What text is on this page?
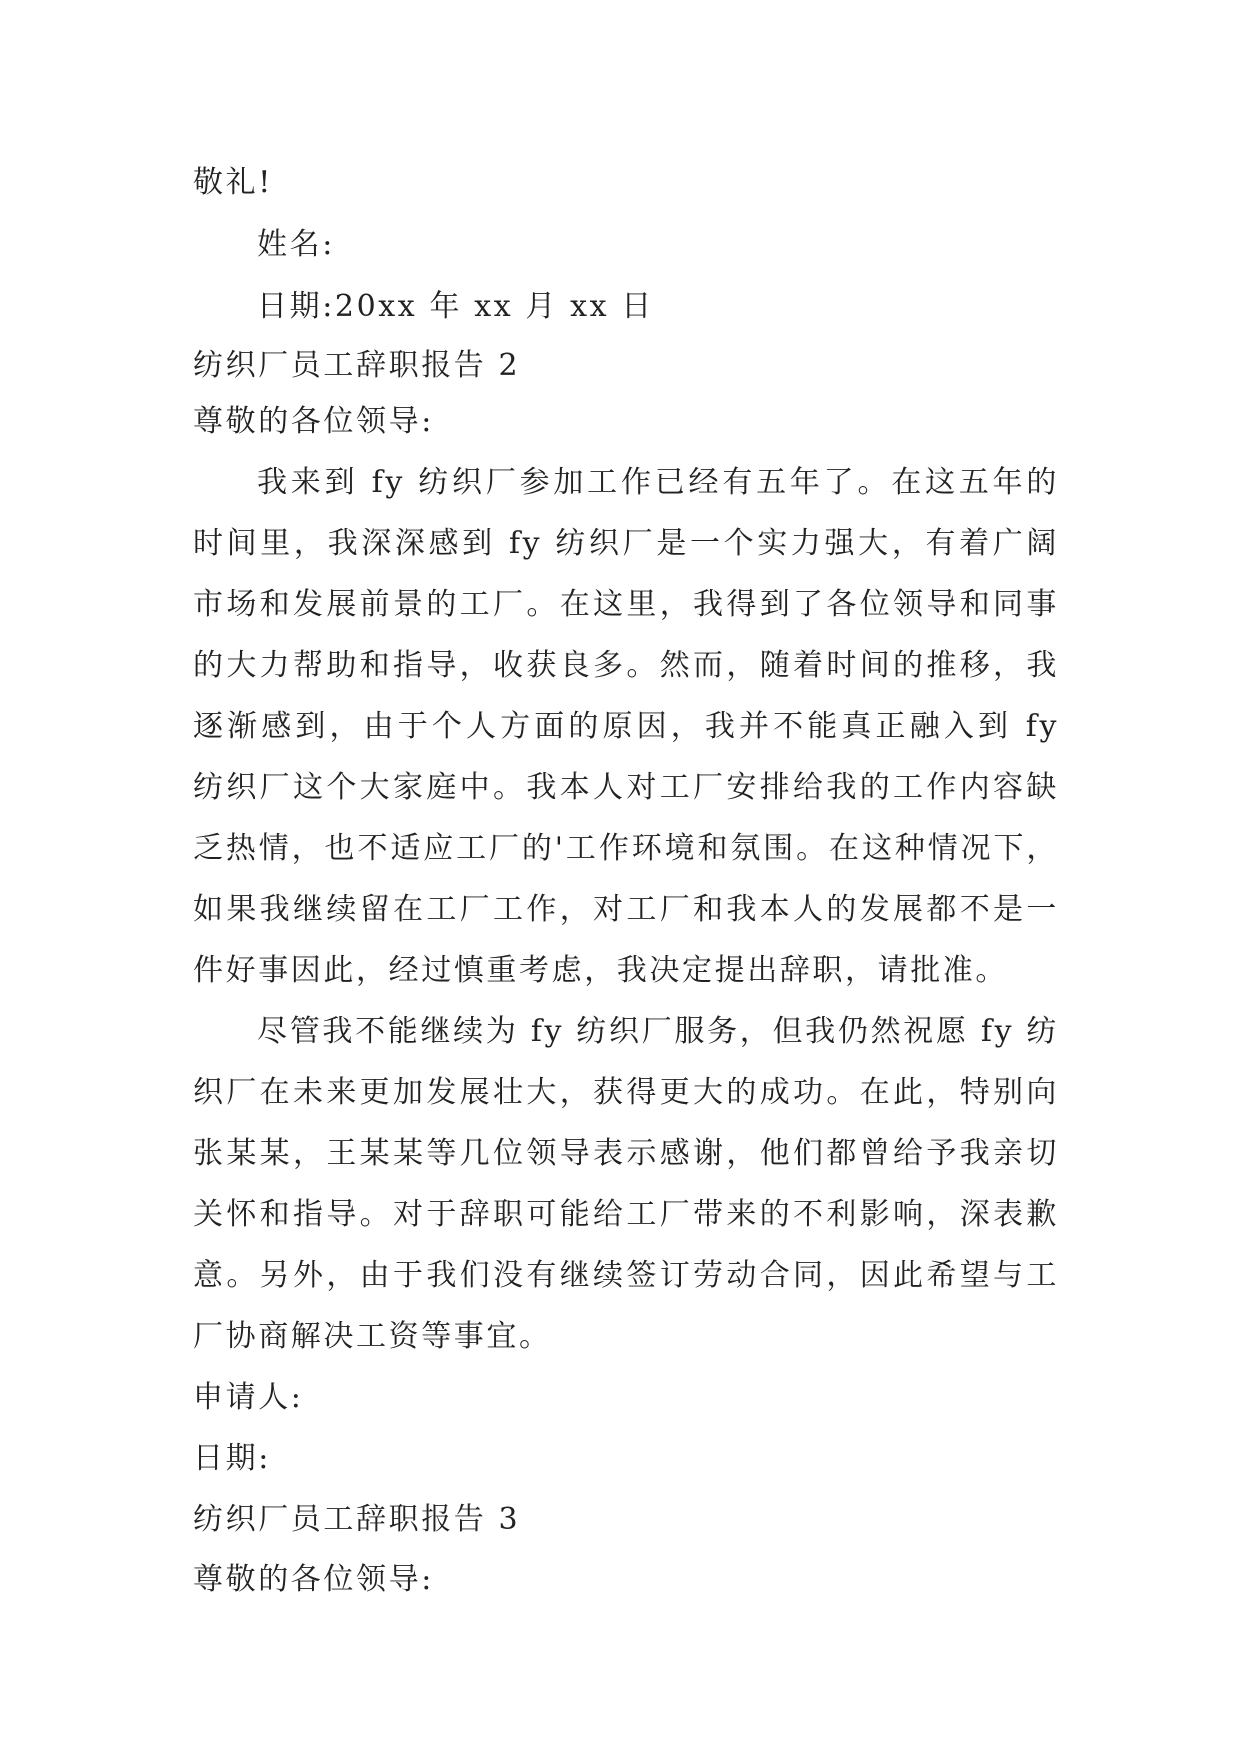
敬礼!
姓名:
日期:20xx 年 xx 月 xx 日
纺织厂员工辞职报告 2
尊敬的各位领导:
我来到 fy 纺织厂参加工作已经有五年了。在这五年的
时间里，我深深感到 fy 纺织厂是一个实力强大，有着广阔
市场和发展前景的工厂。在这里，我得到了各位领导和同事
的大力帮助和指导，收获良多。然而，随着时间的推移，我
逐渐感到，由于个人方面的原因，我并不能真正融入到 fy
纺织厂这个大家庭中。我本人对工厂安排给我的工作内容缺
乏热情，也不适应工厂的'工作环境和氛围。在这种情况下，
如果我继续留在工厂工作，对工厂和我本人的发展都不是一
件好事因此，经过慎重考虑，我决定提出辞职，请批准。
尽管我不能继续为 fy 纺织厂服务，但我仍然祝愿 fy 纺
织厂在未来更加发展壮大，获得更大的成功。在此，特别向
张某某，王某某等几位领导表示感谢，他们都曾给予我亲切
关怀和指导。对于辞职可能给工厂带来的不利影响，深表歉
意。另外，由于我们没有继续签订劳动合同，因此希望与工
厂协商解决工资等事宜。
申请人:
日期:
纺织厂员工辞职报告 3
尊敬的各位领导:
